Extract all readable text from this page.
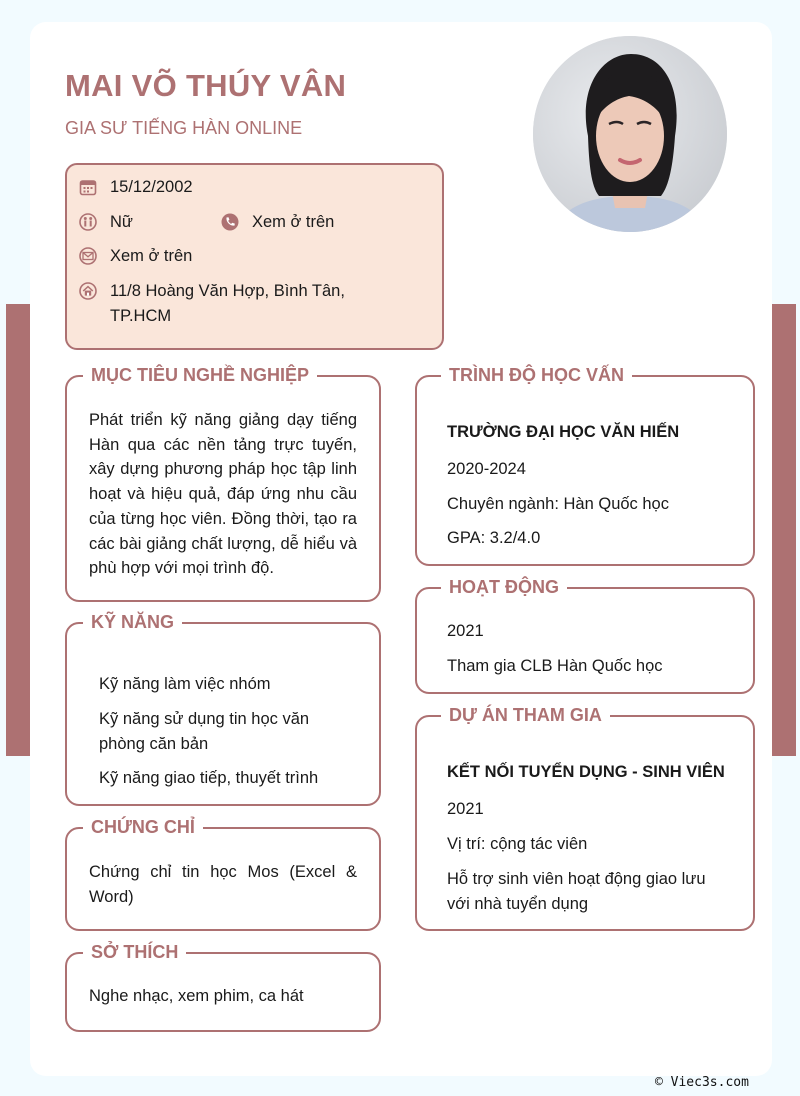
MAI VÕ THÚY VÂN
GIA SƯ TIẾNG HÀN ONLINE
15/12/2002
Nữ	Xem ở trên
Xem ở trên
11/8 Hoàng Văn Hợp, Bình Tân, TP.HCM
MỤC TIÊU NGHỀ NGHIỆP
Phát triển kỹ năng giảng dạy tiếng Hàn qua các nền tảng trực tuyến, xây dựng phương pháp học tập linh hoạt và hiệu quả, đáp ứng nhu cầu của từng học viên. Đồng thời, tạo ra các bài giảng chất lượng, dễ hiểu và phù hợp với mọi trình độ.
KỸ NĂNG
Kỹ năng làm việc nhóm
Kỹ năng sử dụng tin học văn phòng căn bản
Kỹ năng giao tiếp, thuyết trình
CHỨNG CHỈ
Chứng chỉ tin học Mos (Excel & Word)
SỞ THÍCH
Nghe nhạc, xem phim, ca hát
TRÌNH ĐỘ HỌC VẤN
TRƯỜNG ĐẠI HỌC VĂN HIẾN
2020-2024
Chuyên ngành: Hàn Quốc học
GPA: 3.2/4.0
HOẠT ĐỘNG
2021
Tham gia CLB Hàn Quốc học
DỰ ÁN THAM GIA
KẾT NỐI TUYỂN DỤNG - SINH VIÊN
2021
Vị trí: cộng tác viên
Hỗ trợ sinh viên hoạt động giao lưu với nhà tuyển dụng
© Viec3s.com
